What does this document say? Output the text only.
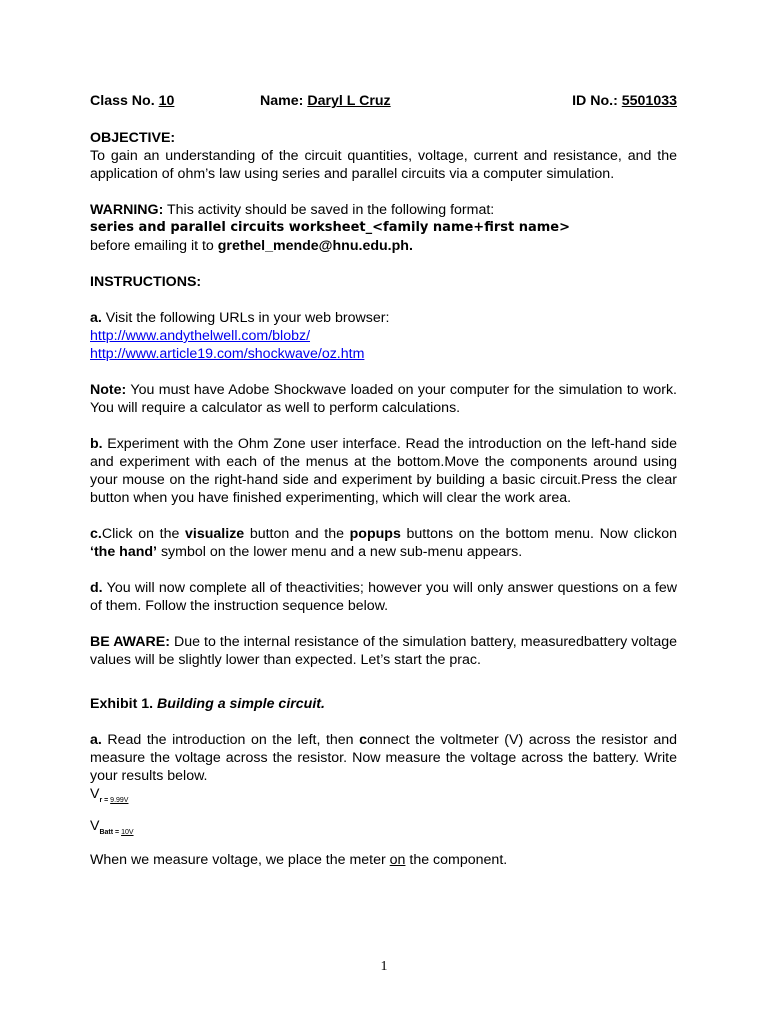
Class No. 10	Name: Daryl L Cruz	ID No.: 5501033
OBJECTIVE:

To gain an understanding of the circuit quantities, voltage, current and resistance, and the application of ohm’s law using series and parallel circuits via a computer simulation.

WARNING: This activity should be saved in the following format:

series and parallel circuits worksheet_<family name+first name>
before emailing it to grethel_mende@hnu.edu.ph.
INSTRUCTIONS:

a. Visit the following URLs in your web browser:

http://www.andythelwell.com/blobz/
http://www.article19.com/shockwave/oz.htm

Note: You must have Adobe Shockwave loaded on your computer for the simulation to work. You will require a calculator as well to perform calculations.

b. Experiment with the Ohm Zone user interface. Read the introduction on the left-hand side and experiment with each of the menus at the bottom.Move the components around using your mouse on the right-hand side and experiment by building a basic circuit.Press the clear button when you have finished experimenting, which will clear the work area.

c.Click on the visualize button and the popups buttons on the bottom menu. Now clickon ‘the hand’ symbol on the lower menu and a new sub-menu appears.

d. You will now complete all of theactivities; however you will only answer questions on a few of them. Follow the instruction sequence below.

BE AWARE: Due to the internal resistance of the simulation battery, measuredbattery voltage values will be slightly lower than expected. Let’s start the prac.

Exhibit 1. Building a simple circuit.

a. Read the introduction on the left, then connect the voltmeter (V) across the resistor and measure the voltage across the resistor. Now measure the voltage across the battery. Write your results below.

$V_{r =}$ $_{9.99V}$
$V_{Batt =}$ $_{10V}$
When we measure voltage, we place the meter on the component.
1
